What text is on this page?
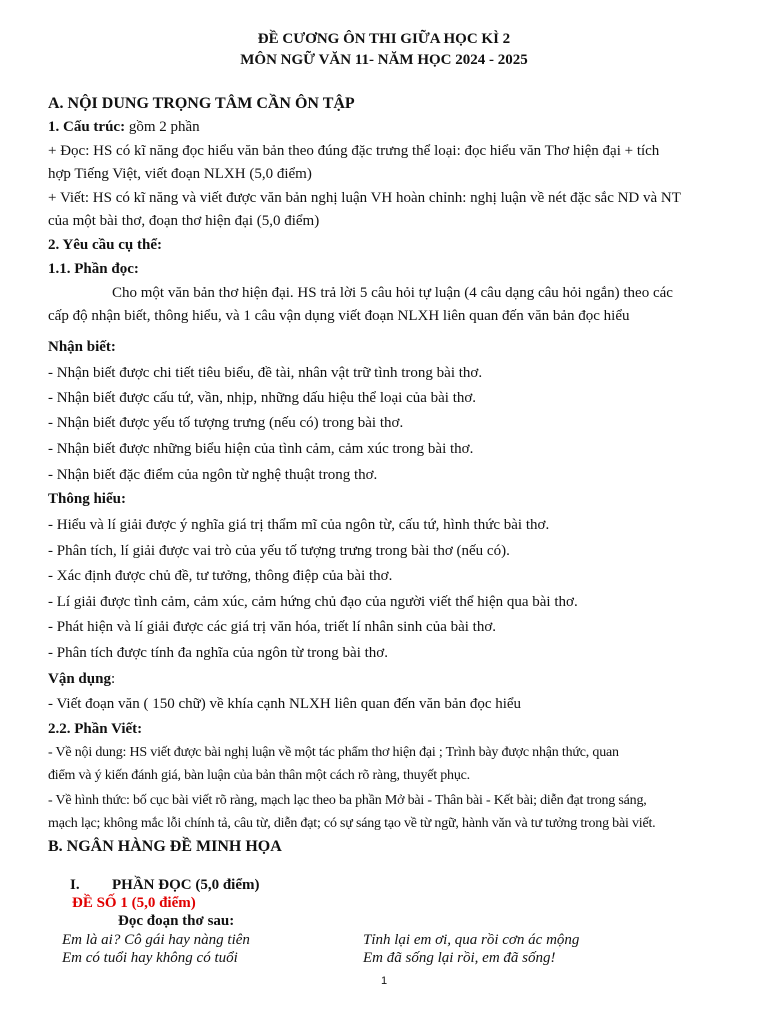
ĐỀ CƯƠNG ÔN THI GIỮA HỌC KÌ 2
MÔN NGỮ VĂN 11- NĂM HỌC 2024 - 2025
A. NỘI DUNG TRỌNG TÂM CẦN ÔN TẬP
1. Cấu trúc: gồm 2 phần
+ Đọc: HS có kĩ năng đọc hiểu văn bản theo đúng đặc trưng thể loại: đọc hiểu văn Thơ hiện đại + tích
hợp Tiếng Việt, viết đoạn NLXH (5,0 điểm)
+ Viết: HS có kĩ năng và viết được văn bản nghị luận VH hoàn chỉnh: nghị luận về nét đặc sắc ND và NT
của một bài thơ, đoạn thơ hiện đại (5,0 điểm)
2. Yêu cầu cụ thể:
1.1. Phần đọc:
Cho một văn bản thơ hiện đại. HS trả lời 5 câu hỏi tự luận (4 câu dạng câu hỏi ngắn) theo các
cấp độ nhận biết, thông hiểu, và 1 câu vận dụng viết đoạn NLXH liên quan đến văn bản đọc hiểu
Nhận biết:
- Nhận biết được chi tiết tiêu biểu, đề tài, nhân vật trữ tình trong bài thơ.
- Nhận biết được cấu tứ, vần, nhịp, những dấu hiệu thể loại của bài thơ.
- Nhận biết được yếu tố tượng trưng (nếu có) trong bài thơ.
- Nhận biết được những biểu hiện của tình cảm, cảm xúc trong bài thơ.
- Nhận biết đặc điểm của ngôn từ nghệ thuật trong thơ.
Thông hiểu:
- Hiểu và lí giải được ý nghĩa giá trị thẩm mĩ của ngôn từ, cấu tứ, hình thức bài thơ.
- Phân tích, lí giải được vai trò của yếu tố tượng trưng trong bài thơ (nếu có).
- Xác định được chủ đề, tư tưởng, thông điệp của bài thơ.
- Lí giải được tình cảm, cảm xúc, cảm hứng chủ đạo của người viết thể hiện qua bài thơ.
- Phát hiện và lí giải được các giá trị văn hóa, triết lí nhân sinh của bài thơ.
- Phân tích được tính đa nghĩa của ngôn từ trong bài thơ.
Vận dụng:
- Viết đoạn văn ( 150 chữ) về khía cạnh NLXH liên quan đến văn bản đọc hiểu
2.2. Phần Viết:
- Về nội dung: HS viết được bài nghị luận về một tác phẩm thơ hiện đại ; Trình bày được nhận thức, quan
điểm và ý kiến đánh giá, bàn luận của bản thân một cách rõ ràng, thuyết phục.
- Về hình thức: bố cục bài viết rõ ràng, mạch lạc theo ba phần Mở bài - Thân bài - Kết bài; diễn đạt trong sáng,
mạch lạc; không mắc lỗi chính tả, câu từ, diễn đạt; có sự sáng tạo về từ ngữ, hành văn và tư tưởng trong bài viết.
B. NGÂN HÀNG ĐỀ MINH HỌA
I. PHẦN ĐỌC (5,0 điểm)
ĐỀ SỐ 1 (5,0 điểm)
Đọc đoạn thơ sau:
Em là ai? Cô gái hay nàng tiên
Em có tuổi hay không có tuổi
Tỉnh lại em ơi, qua rồi cơn ác mộng
Em đã sống lại rồi, em đã sống!
1
